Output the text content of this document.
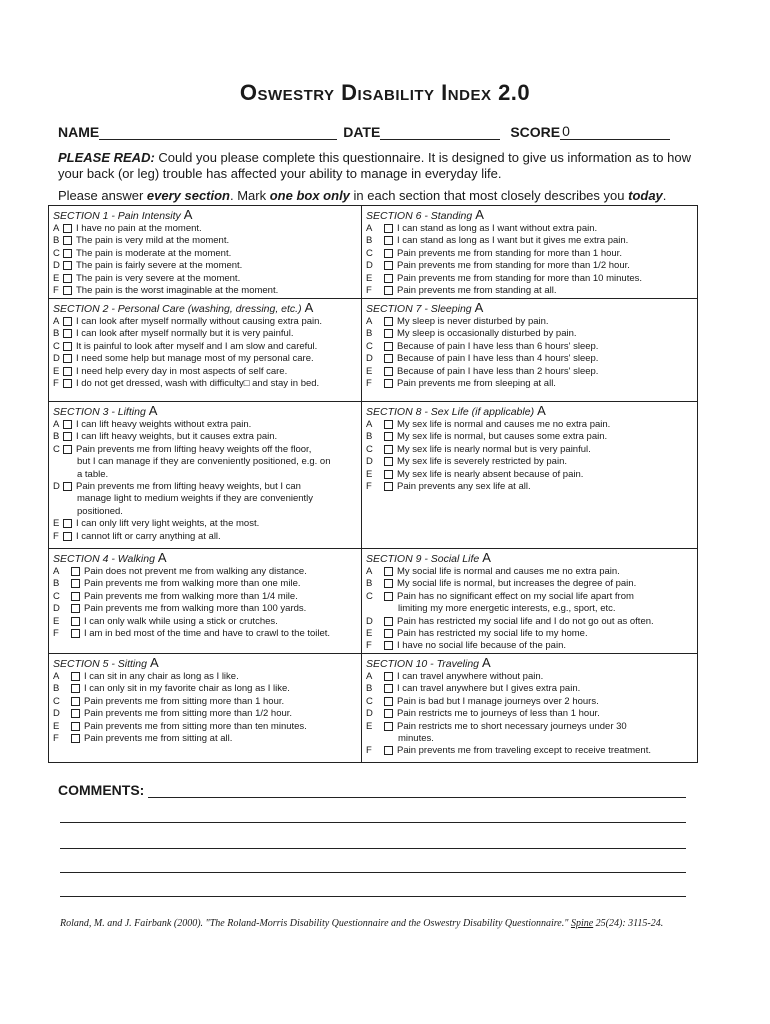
Oswestry Disability Index 2.0
NAME	DATE	SCORE 0
PLEASE READ: Could you please complete this questionnaire. It is designed to give us information as to how your back (or leg) trouble has affected your ability to manage in everyday life.
Please answer every section. Mark one box only in each section that most closely describes you today.
SECTION 1 - Pain Intensity A
A	I have no pain at the moment.
B	The pain is very mild at the moment.
C	The pain is moderate at the moment.
D	The pain is fairly severe at the moment.
E	The pain is very severe at the moment.
F	The pain is the worst imaginable at the moment.
SECTION 2 - Personal Care (washing, dressing, etc.) A
A	I can look after myself normally without causing extra pain.
B	I can look after myself normally but it is very painful.
C	It is painful to look after myself and I am slow and careful.
D	I need some help but manage most of my personal care.
E	I need help every day in most aspects of self care.
F	I do not get dressed, wash with difficulty□ and stay in bed.
SECTION 3 - Lifting A
A	I can lift heavy weights without extra pain.
B	I can lift heavy weights, but it causes extra pain.
C	Pain prevents me from lifting heavy weights off the floor,
but I can manage if they are conveniently positioned, e.g. on
a table.
D	Pain prevents me from lifting heavy weights, but I can
manage light to medium weights if they are conveniently
positioned.
E	I can only lift very light weights, at the most.
F	I cannot lift or carry anything at all.
SECTION 4 - Walking A
A	Pain does not prevent me from walking any distance.
B	Pain prevents me from walking more than one mile.
C	Pain prevents me from walking more than 1/4 mile.
D	Pain prevents me from walking more than 100 yards.
E	I can only walk while using a stick or crutches.
F	I am in bed most of the time and have to crawl to the toilet.
SECTION 5 - Sitting A
A	I can sit in any chair as long as I like.
B	I can only sit in my favorite chair as long as I like.
C	Pain prevents me from sitting more than 1 hour.
D	Pain prevents me from sitting more than 1/2 hour.
E	Pain prevents me from sitting more than ten minutes.
F	Pain prevents me from sitting at all.
SECTION 6 - Standing A
A	I can stand as long as I want without extra pain.
B	I can stand as long as I want but it gives me extra pain.
C	Pain prevents me from standing for more than 1 hour.
D	Pain prevents me from standing for more than 1/2 hour.
E	Pain prevents me from standing for more than 10 minutes.
F	Pain prevents me from standing at all.
SECTION 7 - Sleeping A
A	My sleep is never disturbed by pain.
B	My sleep is occasionally disturbed by pain.
C	Because of pain I have less than 6 hours' sleep.
D	Because of pain I have less than 4 hours' sleep.
E	Because of pain I have less than 2 hours' sleep.
F	Pain prevents me from sleeping at all.
SECTION 8 - Sex Life (if applicable) A
A	My sex life is normal and causes me no extra pain.
B	My sex life is normal, but causes some extra pain.
C	My sex life is nearly normal but is very painful.
D	My sex life is severely restricted by pain.
E	My sex life is nearly absent because of pain.
F	Pain prevents any sex life at all.
SECTION 9 - Social Life A
A	My social life is normal and causes me no extra pain.
B	My social life is normal, but increases the degree of pain.
C	Pain has no significant effect on my social life apart from
limiting my more energetic interests, e.g., sport, etc.
D	Pain has restricted my social life and I do not go out as often.
E	Pain has restricted my social life to my home.
F	I have no social life because of the pain.
SECTION 10 - Traveling A
A	I can travel anywhere without pain.
B	I can travel anywhere but I gives extra pain.
C	Pain is bad but I manage journeys over 2 hours.
D	Pain restricts me to journeys of less than 1 hour.
E	Pain restricts me to short necessary journeys under 30
minutes.
F	Pain prevents me from traveling except to receive treatment.
COMMENTS:
Roland, M. and J. Fairbank (2000). "The Roland-Morris Disability Questionnaire and the Oswestry Disability Questionnaire." Spine 25(24): 3115-24.
